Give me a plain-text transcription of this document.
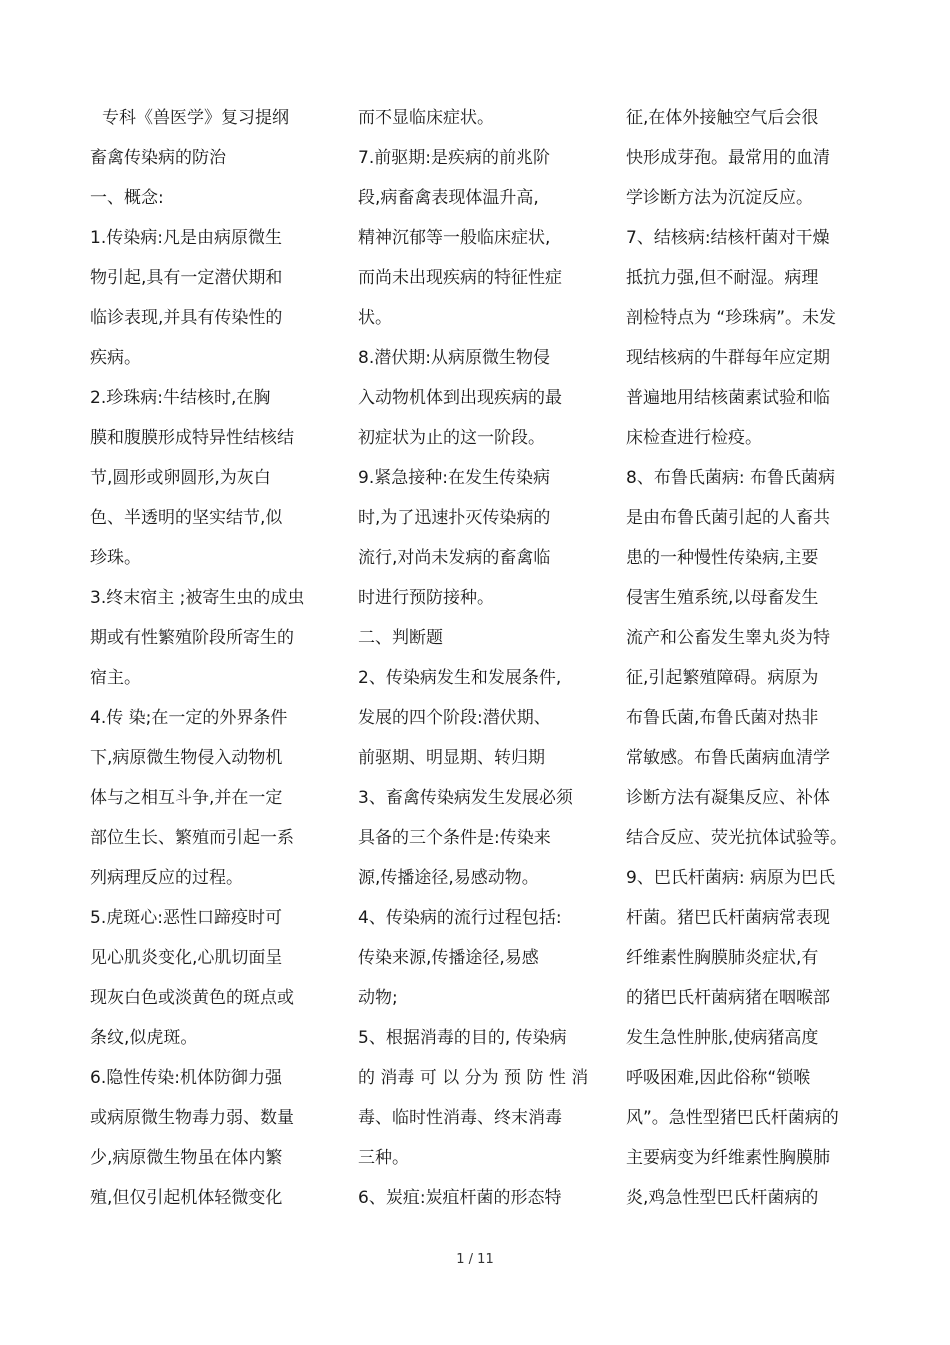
专科《兽医学》复习提纲
畜禽传染病的防治
一、概念:
1.传染病:凡是由病原微生
物引起,具有一定潜伏期和
临诊表现,并具有传染性的
疾病。
2.珍珠病:牛结核时,在胸
膜和腹膜形成特异性结核结
节,圆形或卵圆形,为灰白
色、半透明的坚实结节,似
珍珠。
3.终末宿主 ;被寄生虫的成虫
期或有性繁殖阶段所寄生的
宿主。
4.传 染;在一定的外界条件
下,病原微生物侵入动物机
体与之相互斗争,并在一定
部位生长、繁殖而引起一系
列病理反应的过程。
5.虎斑心:恶性口蹄疫时可
见心肌炎变化,心肌切面呈
现灰白色或淡黄色的斑点或
条纹,似虎斑。
6.隐性传染:机体防御力强
或病原微生物毒力弱、数量
少,病原微生物虽在体内繁
殖,但仅引起机体轻微变化
而不显临床症状。
7.前驱期:是疾病的前兆阶
段,病畜禽表现体温升高,
精神沉郁等一般临床症状,
而尚未出现疾病的特征性症
状。
8.潜伏期:从病原微生物侵
入动物机体到出现疾病的最
初症状为止的这一阶段。
9.紧急接种:在发生传染病
时,为了迅速扑灭传染病的
流行,对尚未发病的畜禽临
时进行预防接种。
二、判断题
2、传染病发生和发展条件,
发展的四个阶段:潜伏期、
前驱期、明显期、转归期
3、畜禽传染病发生发展必须
具备的三个条件是:传染来
源,传播途径,易感动物。
4、传染病的流行过程包括:
传染来源,传播途径,易感
动物;
5、根据消毒的目的, 传染病
的 消毒 可 以 分为 预 防 性 消
毒、临时性消毒、终末消毒
三种。
6、炭疽:炭疽杆菌的形态特
征,在体外接触空气后会很
快形成芽孢。最常用的血清
学诊断方法为沉淀反应。
7、结核病:结核杆菌对干燥
抵抗力强,但不耐湿。病理
剖检特点为 “珍珠病”。未发
现结核病的牛群每年应定期
普遍地用结核菌素试验和临
床检查进行检疫。
8、布鲁氏菌病: 布鲁氏菌病
是由布鲁氏菌引起的人畜共
患的一种慢性传染病,主要
侵害生殖系统,以母畜发生
流产和公畜发生睾丸炎为特
征,引起繁殖障碍。病原为
布鲁氏菌,布鲁氏菌对热非
常敏感。布鲁氏菌病血清学
诊断方法有凝集反应、补体
结合反应、荧光抗体试验等。
9、巴氏杆菌病: 病原为巴氏
杆菌。猪巴氏杆菌病常表现
纤维素性胸膜肺炎症状,有
的猪巴氏杆菌病猪在咽喉部
发生急性肿胀,使病猪高度
呼吸困难,因此俗称“锁喉
风”。急性型猪巴氏杆菌病的
主要病变为纤维素性胸膜肺
炎,鸡急性型巴氏杆菌病的
1 / 11
